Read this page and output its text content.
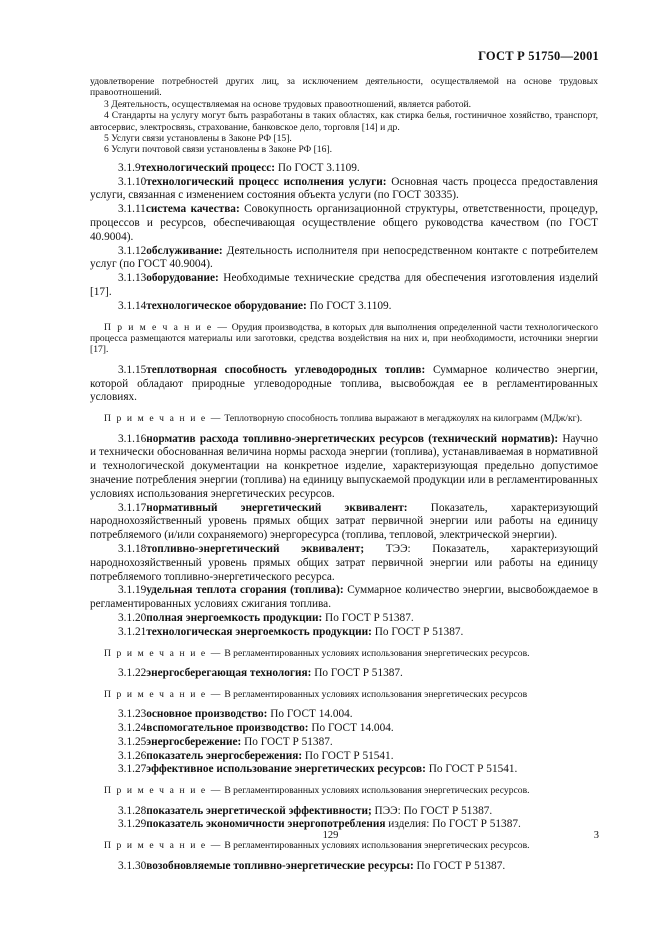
ГОСТ Р 51750—2001

удовлетворение потребностей других лиц, за исключением деятельности, осуществляемой на основе трудовых правоотношений.

3 Деятельность, осуществляемая на основе трудовых правоотношений, является работой.

4 Стандарты на услугу могут быть разработаны в таких областях, как стирка белья, гостиничное хозяйство, транспорт, автосервис, электросвязь, страхование, банковское дело, торговля [14] и др.

5 Услуги связи установлены в Законе РФ [15].

6 Услуги почтовой связи установлены в Законе РФ [16].

3.1.9технологический процесс: По ГОСТ 3.1109.

3.1.10технологический процесс исполнения услуги: Основная часть процесса предоставления услуги, связанная с изменением состояния объекта услуги (по ГОСТ 30335).

3.1.11система качества: Совокупность организационной структуры, ответственности, процедур, процессов и ресурсов, обеспечивающая осуществление общего руководства качеством (по ГОСТ 40.9004).

3.1.12обслуживание: Деятельность исполнителя при непосредственном контакте с потребителем услуг (по ГОСТ 40.9004).

3.1.13оборудование: Необходимые технические средства для обеспечения изготовления изделий [17].

3.1.14технологическое оборудование: По ГОСТ 3.1109.

П р и м е ч а н и е — Орудия производства, в которых для выполнения определенной части технологического процесса размещаются материалы или заготовки, средства воздействия на них и, при необходимости, источники энергии [17].

3.1.15теплотворная способность углеводородных топлив: Суммарное количество энергии, которой обладают природные углеводородные топлива, высвобождая ее в регламентированных условиях.

П р и м е ч а н и е — Теплотворную способность топлива выражают в мегаджоулях на килограмм (МДж/кг).

3.1.16норматив расхода топливно-энергетических ресурсов (технический норматив): Научно и технически обоснованная величина нормы расхода энергии (топлива), устанавливаемая в нормативной и технологической документации на конкретное изделие, характеризующая предельно допустимое значение потребления энергии (топлива) на единицу выпускаемой продукции или в регламентированных условиях использования энергетических ресурсов.

3.1.17нормативный энергетический эквивалент: Показатель, характеризующий народнохозяйственный уровень прямых общих затрат первичной энергии или работы на единицу потребляемого (и/или сохраняемого) энергоресурса (топлива, тепловой, электрической энергии).

3.1.18топливно-энергетический эквивалент; ТЭЭ: Показатель, характеризующий народнохозяйственный уровень прямых общих затрат первичной энергии или работы на единицу потребляемого топливно-энергетического ресурса.

3.1.19удельная теплота сгорания (топлива): Суммарное количество энергии, высвобождаемое в регламентированных условиях сжигания топлива.

3.1.20полная энергоемкость продукции: По ГОСТ Р 51387.

3.1.21технологическая энергоемкость продукции: По ГОСТ Р 51387.

П р и м е ч а н и е — В регламентированных условиях использования энергетических ресурсов.

3.1.22энергосберегающая технология: По ГОСТ Р 51387.

П р и м е ч а н и е — В регламентированных условиях использования энергетических ресурсов

3.1.23основное производство: По ГОСТ 14.004.

3.1.24вспомогательное производство: По ГОСТ 14.004.

3.1.25энергосбережение: По ГОСТ Р 51387.

3.1.26показатель энергосбережения: По ГОСТ Р 51541.

3.1.27эффективное использование энергетических ресурсов: По ГОСТ Р 51541.

П р и м е ч а н и е — В регламентированных условиях использования энергетических ресурсов.

3.1.28показатель энергетической эффективности; ПЭЭ: По ГОСТ Р 51387.

3.1.29показатель экономичности энергопотребления изделия: По ГОСТ Р 51387.

П р и м е ч а н и е — В регламентированных условиях использования энергетических ресурсов.

3.1.30возобновляемые топливно-энергетические ресурсы: По ГОСТ Р 51387.

129	3
